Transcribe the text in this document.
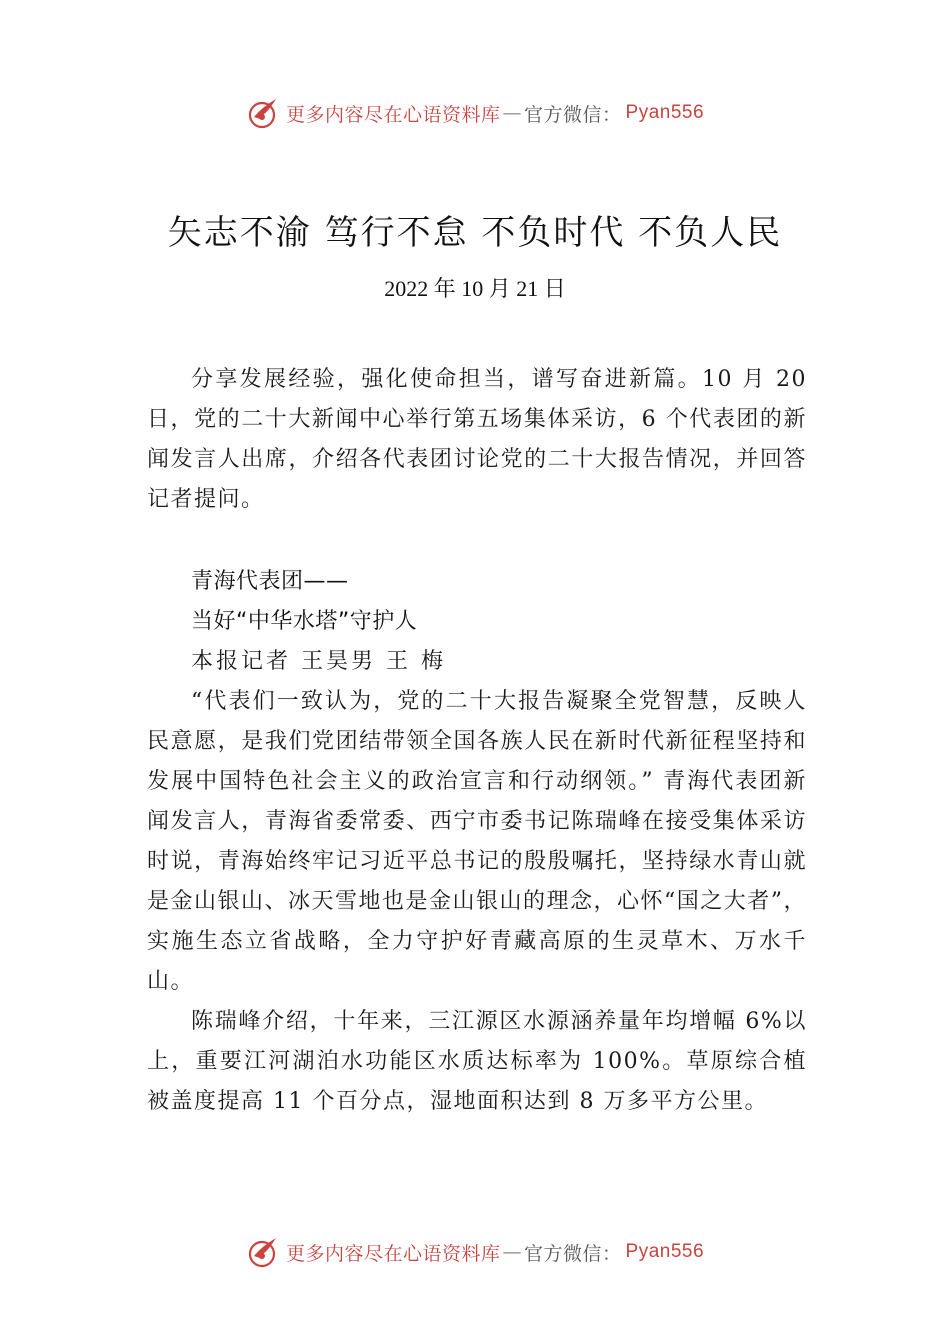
更多内容尽在心语资料库 — 官方微信 ： Pyan556
矢志不渝 笃行不怠 不负时代 不负人民
2022 年 10 月 21 日

分享发展经验，强化使命担当，谱写奋进新篇。10 月 20 日，党的二十大新闻中心举行第五场集体采访，6 个代表团的新闻发言人出席，介绍各代表团讨论党的二十大报告情况，并回答记者提问。

青海代表团——

当好“中华水塔”守护人

本报记者 王昊男 王 梅

“代表们一致认为，党的二十大报告凝聚全党智慧，反映人民意愿，是我们党团结带领全国各族人民在新时代新征程坚持和发展中国特色社会主义的政治宣言和行动纲领。” 青海代表团新闻发言人，青海省委常委、西宁市委书记陈瑞峰在接受集体采访时说，青海始终牢记习近平总书记的殷殷嘱托，坚持绿水青山就是金山银山、冰天雪地也是金山银山的理念，心怀“国之大者”，实施生态立省战略，全力守护好青藏高原的生灵草木、万水千山。

陈瑞峰介绍，十年来，三江源区水源涵养量年均增幅 6%以上，重要江河湖泊水功能区水质达标率为 100%。草原综合植被盖度提高 11 个百分点，湿地面积达到 8 万多平方公里。

更多内容尽在心语资料库 — 官方微信 ： Pyan556
